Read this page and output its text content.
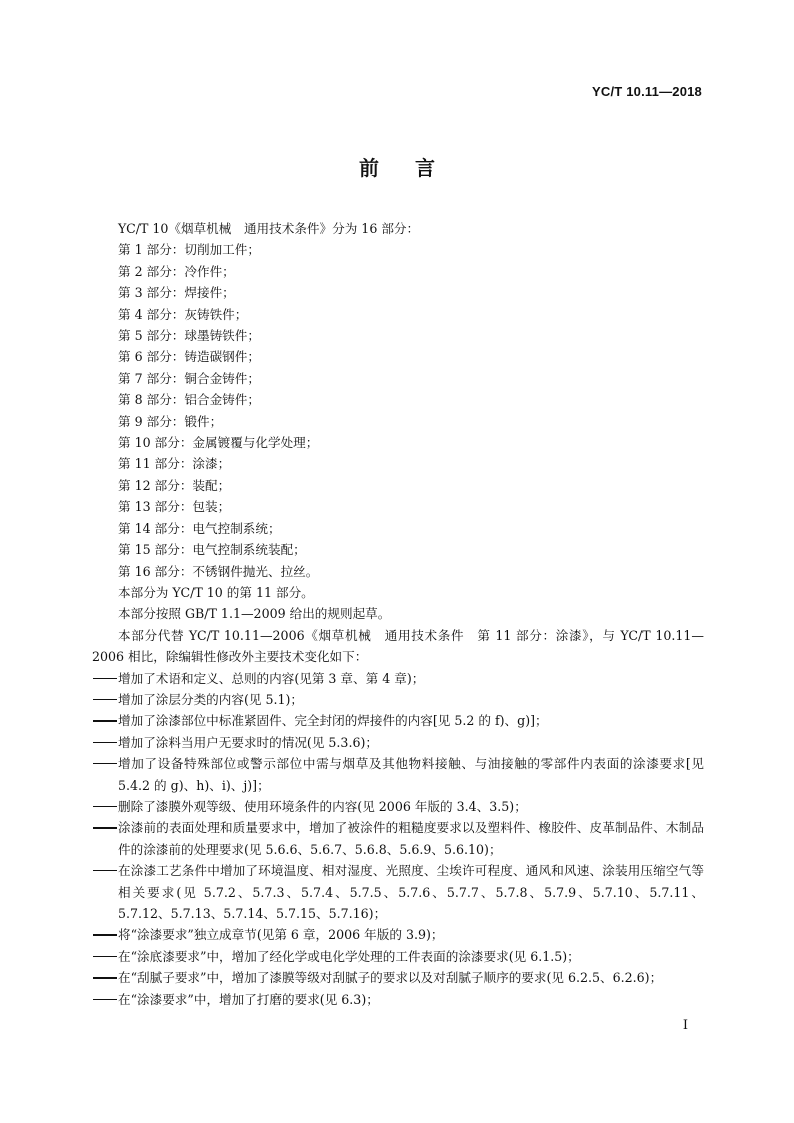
YC/T 10.11—2018
前 言
YC/T 10《烟草机械　通用技术条件》分为 16 部分：
第 1 部分：切削加工件；
第 2 部分：冷作件；
第 3 部分：焊接件；
第 4 部分：灰铸铁件；
第 5 部分：球墨铸铁件；
第 6 部分：铸造碳钢件；
第 7 部分：铜合金铸件；
第 8 部分：铝合金铸件；
第 9 部分：锻件；
第 10 部分：金属镀覆与化学处理；
第 11 部分：涂漆；
第 12 部分：装配；
第 13 部分：包装；
第 14 部分：电气控制系统；
第 15 部分：电气控制系统装配；
第 16 部分：不锈钢件抛光、拉丝。
本部分为 YC/T 10 的第 11 部分。
本部分按照 GB/T 1.1—2009 给出的规则起草。
本部分代替 YC/T 10.11—2006《烟草机械　通用技术条件　第 11 部分：涂漆》，与 YC/T 10.11—2006 相比，除编辑性修改外主要技术变化如下：
增加了术语和定义、总则的内容(见第 3 章、第 4 章)；
增加了涂层分类的内容(见 5.1)；
增加了涂漆部位中标准紧固件、完全封闭的焊接件的内容[见 5.2 的 f)、g)]；
增加了涂料当用户无要求时的情况(见 5.3.6)；
增加了设备特殊部位或警示部位中需与烟草及其他物料接触、与油接触的零部件内表面的涂漆要求[见 5.4.2 的 g)、h)、i)、j)]；
删除了漆膜外观等级、使用环境条件的内容(见 2006 年版的 3.4、3.5)；
涂漆前的表面处理和质量要求中，增加了被涂件的粗糙度要求以及塑料件、橡胶件、皮革制品件、木制品件的涂漆前的处理要求(见 5.6.6、5.6.7、5.6.8、5.6.9、5.6.10)；
在涂漆工艺条件中增加了环境温度、相对湿度、光照度、尘埃许可程度、通风和风速、涂装用压缩空气等相关要求(见 5.7.2、5.7.3、5.7.4、5.7.5、5.7.6、5.7.7、5.7.8、5.7.9、5.7.10、5.7.11、5.7.12、5.7.13、5.7.14、5.7.15、5.7.16)；
将“涂漆要求”独立成章节(见第 6 章，2006 年版的 3.9)；
在“涂底漆要求”中，增加了经化学或电化学处理的工件表面的涂漆要求(见 6.1.5)；
在“刮腻子要求”中，增加了漆膜等级对刮腻子的要求以及对刮腻子顺序的要求(见 6.2.5、6.2.6)；
在“涂漆要求”中，增加了打磨的要求(见 6.3)；
I
